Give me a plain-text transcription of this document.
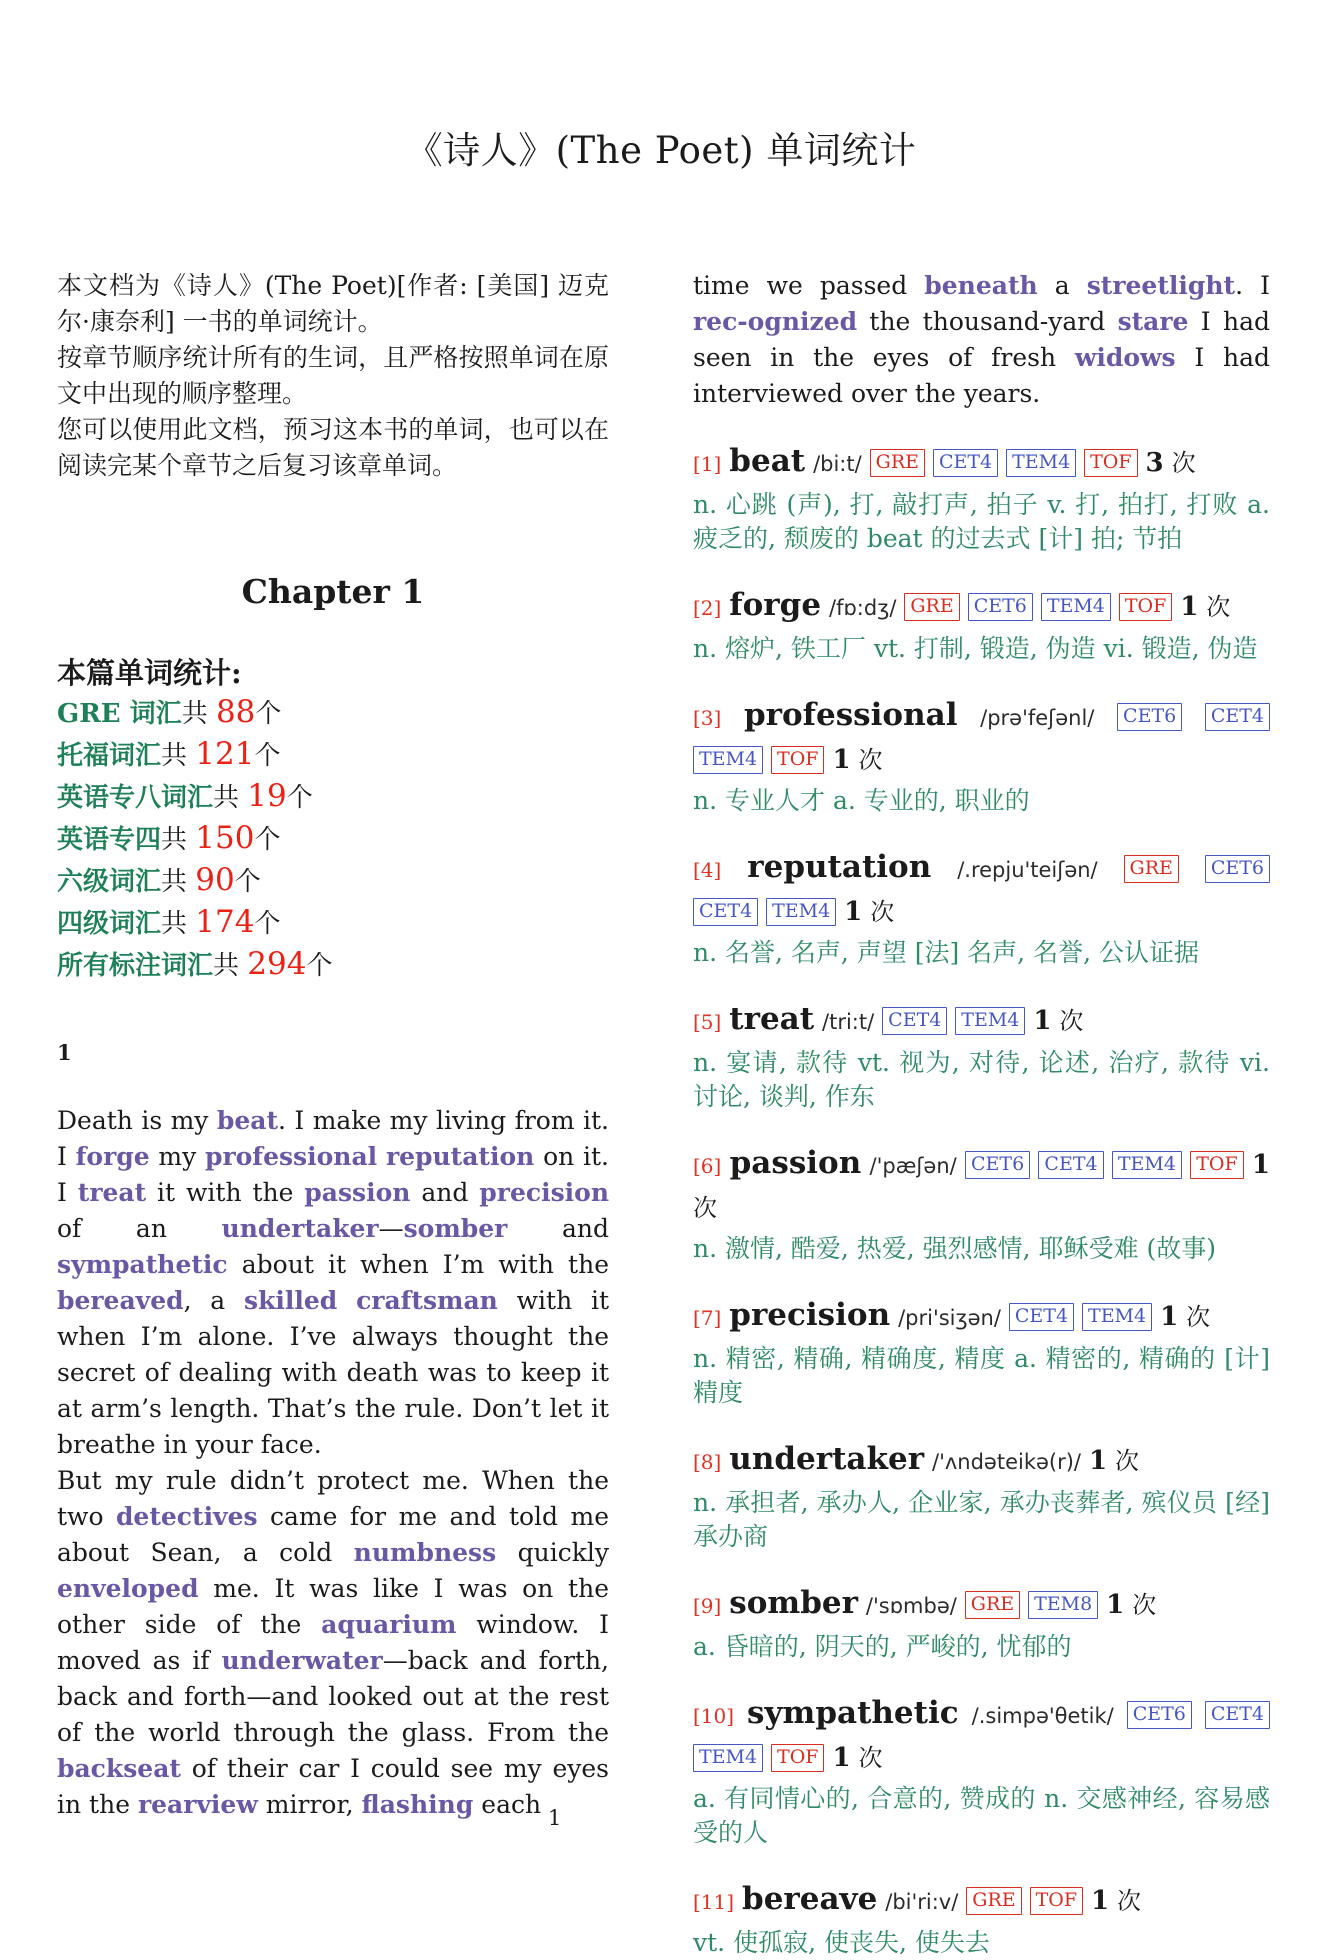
《诗人》(The Poet) 单词统计
本文档为《诗人》(The Poet)[作者: [美国] 迈克尔·康奈利] 一书的单词统计。
按章节顺序统计所有的生词，且严格按照单词在原文中出现的顺序整理。
您可以使用此文档，预习这本书的单词，也可以在阅读完某个章节之后复习该章单词。
Chapter 1
本篇单词统计:
GRE 词汇共 88个
托福词汇共 121个
英语专八词汇共 19个
英语专四共 150个
六级词汇共 90个
四级词汇共 174个
所有标注词汇共 294个
1
Death is my beat. I make my living from it. I forge my professional reputation on it. I treat it with the passion and precision of an undertaker—somber and sympathetic about it when I’m with the bereaved, a skilled craftsman with it when I’m alone. I’ve always thought the secret of dealing with death was to keep it at arm’s length. That’s the rule. Don’t let it breathe in your face.
But my rule didn’t protect me. When the two detectives came for me and told me about Sean, a cold numbness quickly enveloped me. It was like I was on the other side of the aquarium window. I moved as if underwater—back and forth, back and forth—and looked out at the rest of the world through the glass. From the backseat of their car I could see my eyes in the rearview mirror, flashing each
time we passed beneath a streetlight. I rec-ognized the thousand-yard stare I had seen in the eyes of fresh widows I had interviewed over the years.
[1] beat /bi:t/ GRE CET4 TEM4 TOF 3 次
n. 心跳 (声), 打, 敲打声, 拍子 v. 打, 拍打, 打败 a. 疲乏的, 颓废的 beat 的过去式 [计] 拍; 节拍
[2] forge /fɒ:dʒ/ GRE CET6 TEM4 TOF 1 次
n. 熔炉, 铁工厂 vt. 打制, 锻造, 伪造 vi. 锻造, 伪造
[3] professional /prə'feʃənl/ CET6 CET4 TEM4 TOF 1 次
n. 专业人才 a. 专业的, 职业的
[4] reputation /.repju'teiʃən/ GRE CET6 CET4 TEM4 1 次
n. 名誉, 名声, 声望 [法] 名声, 名誉, 公认证据
[5] treat /tri:t/ CET4 TEM4 1 次
n. 宴请, 款待 vt. 视为, 对待, 论述, 治疗, 款待 vi. 讨论, 谈判, 作东
[6] passion /'pæʃən/ CET6 CET4 TEM4 TOF 1 次
n. 激情, 酷爱, 热爱, 强烈感情, 耶稣受难 (故事)
[7] precision /pri'siʒən/ CET4 TEM4 1 次
n. 精密, 精确, 精确度, 精度 a. 精密的, 精确的 [计] 精度
[8] undertaker /'ʌndəteikə(r)/ 1 次
n. 承担者, 承办人, 企业家, 承办丧葬者, 殡仪员 [经] 承办商
[9] somber /'sɒmbə/ GRE TEM8 1 次
a. 昏暗的, 阴天的, 严峻的, 忧郁的
[10] sympathetic /.simpə'θetik/ CET6 CET4 TEM4 TOF 1 次
a. 有同情心的, 合意的, 赞成的 n. 交感神经, 容易感受的人
[11] bereave /bi'ri:v/ GRE TOF 1 次
vt. 使孤寂, 使丧失, 使失去
1
